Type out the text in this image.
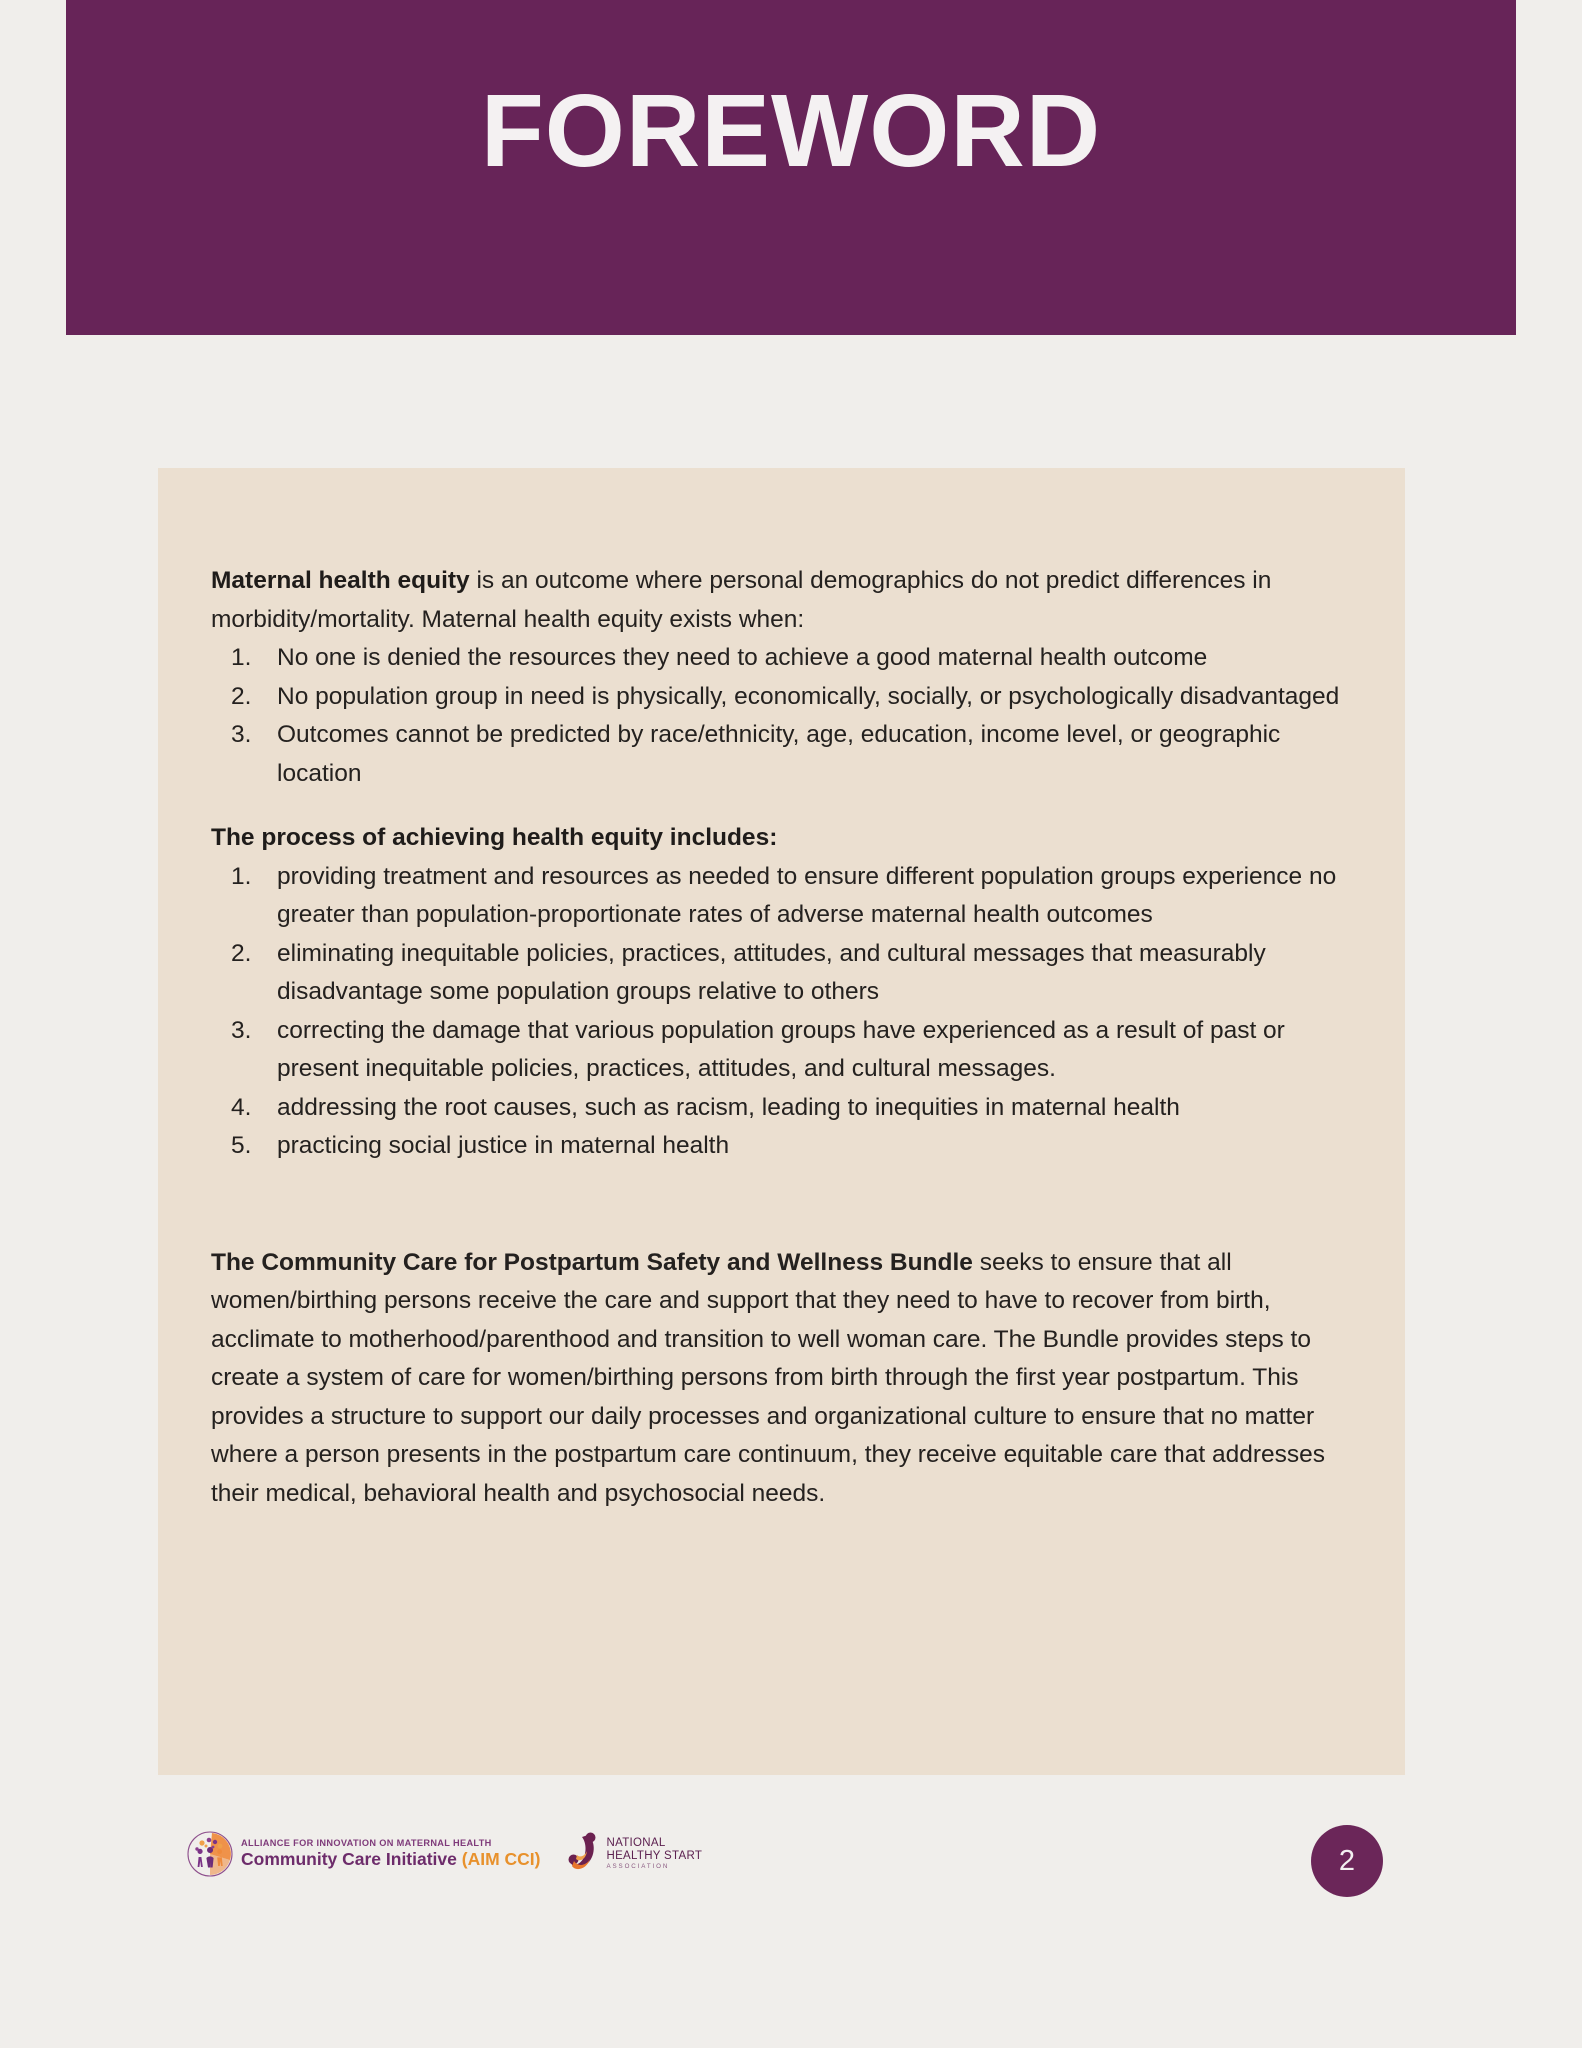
FOREWORD

Maternal health equity is an outcome where personal demographics do not predict differences in morbidity/mortality. Maternal health equity exists when:

No one is denied the resources they need to achieve a good maternal health outcome
No population group in need is physically, economically, socially, or psychologically disadvantaged
Outcomes cannot be predicted by race/ethnicity, age, education, income level, or geographic location

The process of achieving health equity includes:

providing treatment and resources as needed to ensure different population groups experience no greater than population-proportionate rates of adverse maternal health outcomes
eliminating inequitable policies, practices, attitudes, and cultural messages that measurably disadvantage some population groups relative to others
correcting the damage that various population groups have experienced as a result of past or present inequitable policies, practices, attitudes, and cultural messages.
addressing the root causes, such as racism, leading to inequities in maternal health
practicing social justice in maternal health

The Community Care for Postpartum Safety and Wellness Bundle seeks to ensure that all women/birthing persons receive the care and support that they need to have to recover from birth, acclimate to motherhood/parenthood and transition to well woman care. The Bundle provides steps to create a system of care for women/birthing persons from birth through the first year postpartum. This provides a structure to support our daily processes and organizational culture to ensure that no matter where a person presents in the postpartum care continuum, they receive equitable care that addresses their medical, behavioral health and psychosocial needs.

ALLIANCE FOR INNOVATION ON MATERNAL HEALTH
Community Care Initiative (AIM CCI)
NATIONAL
HEALTHY START
ASSOCIATION	2
